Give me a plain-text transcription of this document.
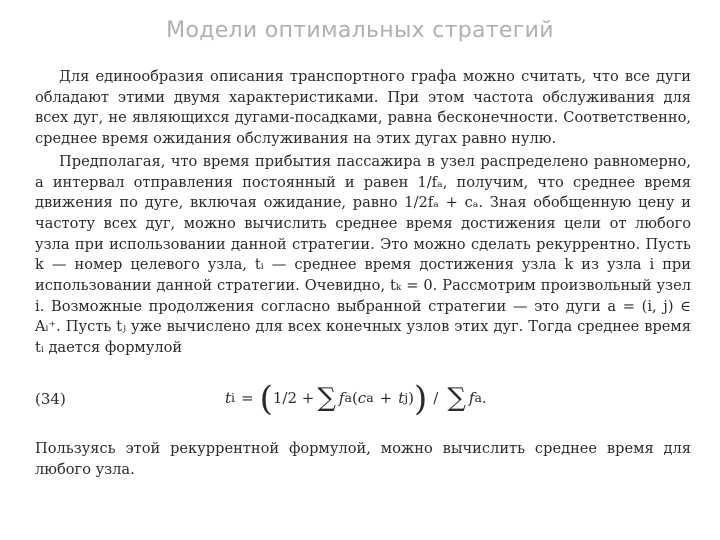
Модели оптимальных стратегий

Для единообразия описания транспортного графа можно считать, что все дуги обладают этими двумя характеристиками. При этом частота обслуживания для всех дуг, не являющихся дугами-посадками, равна бесконечности. Соответственно, среднее время ожидания обслуживания на этих дугах равно нулю.

Предполагая, что время прибытия пассажира в узел распределено равномерно, а интервал отправления постоянный и равен 1/fₐ, получим, что среднее время движения по дуге, включая ожидание, равно 1/2fₐ + cₐ. Зная обобщенную цену и частоту всех дуг, можно вычислить среднее время достижения цели от любого узла при использовании данной стратегии. Это можно сделать рекуррентно. Пусть k — номер целевого узла, tᵢ — среднее время достижения узла k из узла i при использовании данной стратегии. Очевидно, tₖ = 0. Рассмотрим произвольный узел i. Возможные продолжения согласно выбранной стратегии — это дуги a = (i, j) ∈ Aᵢ⁺. Пусть tⱼ уже вычислено для всех конечных узлов этих дуг. Тогда среднее время tᵢ дается формулой

(34)	t i = ( 1/2 + ∑ f a ( c a + t j ) ) / ∑ f a .

Пользуясь этой рекуррентной формулой, можно вычислить среднее время для любого узла.
